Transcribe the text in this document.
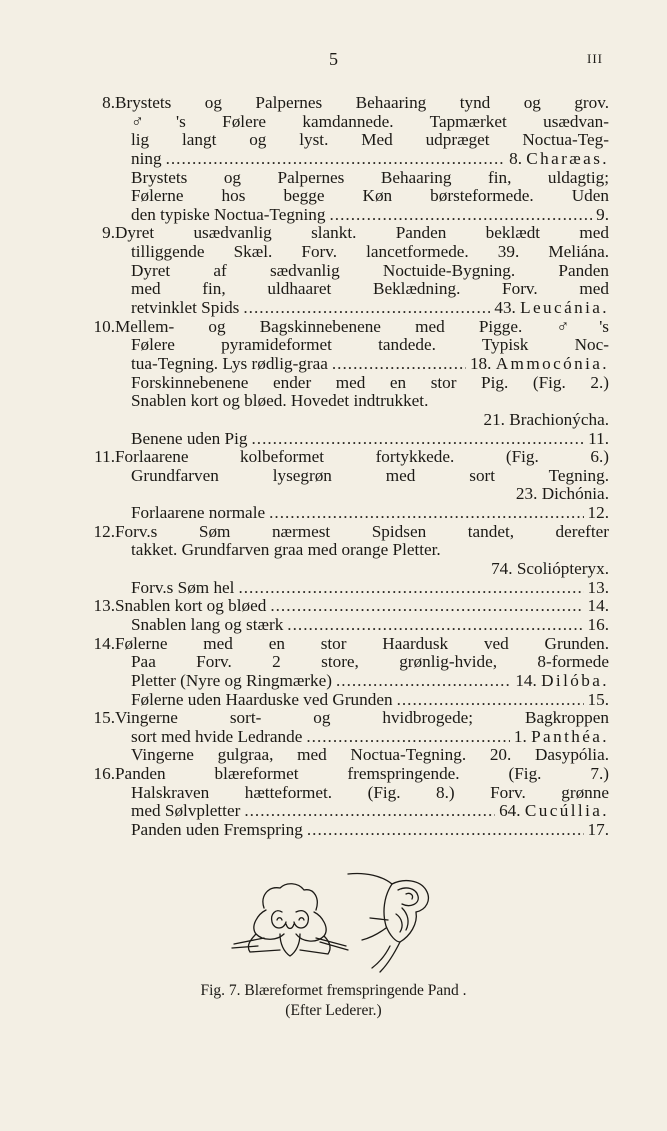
5	III
8. Brystets og Palpernes Behaaring tynd og grov.
♂'s Følere kamdannede. Tapmærket usædvan-
lig langt og lyst. Med udpræget Noctua-Teg-
ning .....	8. Charæas.
Brystets og Palpernes Behaaring fin, uldagtig;
Følerne hos begge Køn børsteformede. Uden
den typiske Noctua-Tegning .....	9.
9. Dyret usædvanlig slankt. Panden beklædt med
tilliggende Skæl. Forv. lancetformede. 39. Meliána.
Dyret af sædvanlig Noctuide-Bygning. Panden
med fin, uldhaaret Beklædning. Forv. med
retvinklet Spids .....	43. Leucánia.
10. Mellem- og Bagskinnebenene med Pigge. ♂'s
Følere pyramideformet tandede. Typisk Noc-
tua-Tegning. Lys rødlig-graa .....	18. Ammocónia.
Forskinnebenene ender med en stor Pig. (Fig. 2.)
Snablen kort og bløed. Hovedet indtrukket.
21. Brachionýcha.
Benene uden Pig .....	11.
11. Forlaarene kolbeformet fortykkede. (Fig. 6.)
Grundfarven lysegrøn med sort Tegning.
23. Dichónia.
Forlaarene normale .....	12.
12. Forv.s Søm nærmest Spidsen tandet, derefter
takket. Grundfarven graa med orange Pletter.
74. Scoliópteryx.
Forv.s Søm hel .....	13.
13. Snablen kort og bløed .....	14.
Snablen lang og stærk .....	16.
14. Følerne med en stor Haardusk ved Grunden.
Paa Forv. 2 store, grønlig-hvide, 8-formede
Pletter (Nyre og Ringmærke) .....	14. Dilóba.
Følerne uden Haarduske ved Grunden .....	15.
15. Vingerne sort- og hvidbrogede; Bagkroppen
sort med hvide Ledrande .....	1. Panthéa.
Vingerne gulgraa, med Noctua-Tegning. 20. Dasypólia.
16. Panden blæreformet fremspringende. (Fig. 7.)
Halskraven hætteformet. (Fig. 8.) Forv. grønne
med Sølvpletter .....	64. Cucúllia.
Panden uden Fremspring .....	17.
Fig. 7. Blæreformet fremspringende Pand .
(Efter Lederer.)
